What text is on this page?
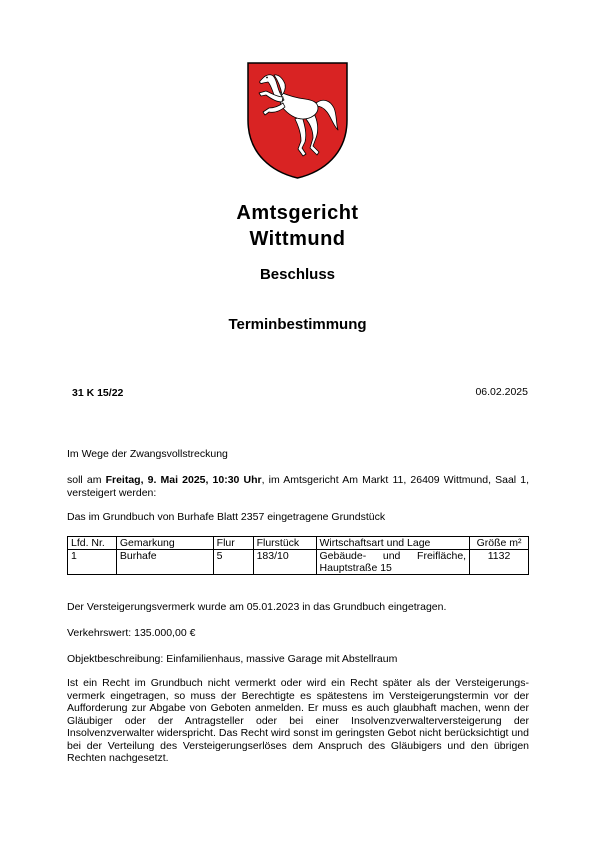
Amtsgericht
Wittmund
Beschluss
Terminbestimmung
31 K 15/22	06.02.2025
Im Wege der Zwangsvollstreckung
soll am Freitag, 9. Mai 2025, 10:30 Uhr, im Amtsgericht Am Markt 11, 26409 Wittmund, Saal 1, versteigert werden:
Das im Grundbuch von Burhafe Blatt 2357 eingetragene Grundstück
Lfd. Nr.	Gemarkung	Flur	Flurstück	Wirtschaftsart und Lage	Größe m²
1	Burhafe	5	183/10	Gebäude- und Freifläche, Hauptstraße 15	1132
Der Versteigerungsvermerk wurde am 05.01.2023 in das Grundbuch eingetragen.
Verkehrswert: 135.000,00 €
Objektbeschreibung: Einfamilienhaus, massive Garage mit Abstellraum
Ist ein Recht im Grundbuch nicht vermerkt oder wird ein Recht später als der Versteigerungs-vermerk eingetragen, so muss der Berechtigte es spätestens im Versteigerungstermin vor der Aufforderung zur Abgabe von Geboten anmelden. Er muss es auch glaubhaft machen, wenn der Gläubiger oder der Antragsteller oder bei einer Insolvenzverwalterversteigerung der Insolvenzverwalter widerspricht. Das Recht wird sonst im geringsten Gebot nicht berücksichtigt und bei der Verteilung des Versteigerungserlöses dem Anspruch des Gläubigers und den übrigen Rechten nachgesetzt.
